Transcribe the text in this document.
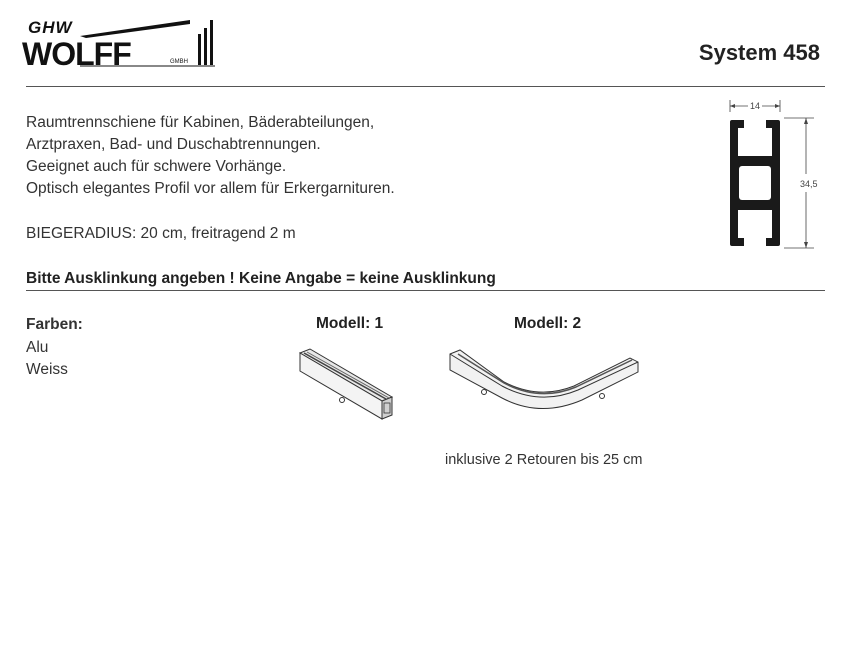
GHW
WOLFF	GMBH	System 458
Raumtrennschiene für Kabinen, Bäderabteilungen,
Arztpraxen, Bad- und Duschabtrennungen.
Geeignet auch für schwere Vorhänge.
Optisch elegantes Profil vor allem für Erkergarnituren.
BIEGERADIUS: 20 cm, freitragend 2 m
14
34,5
Bitte Ausklinkung angeben ! Keine Angabe = keine Ausklinkung
Farben:
Alu
Weiss
Modell: 1	Modell: 2
inklusive 2 Retouren bis 25 cm
